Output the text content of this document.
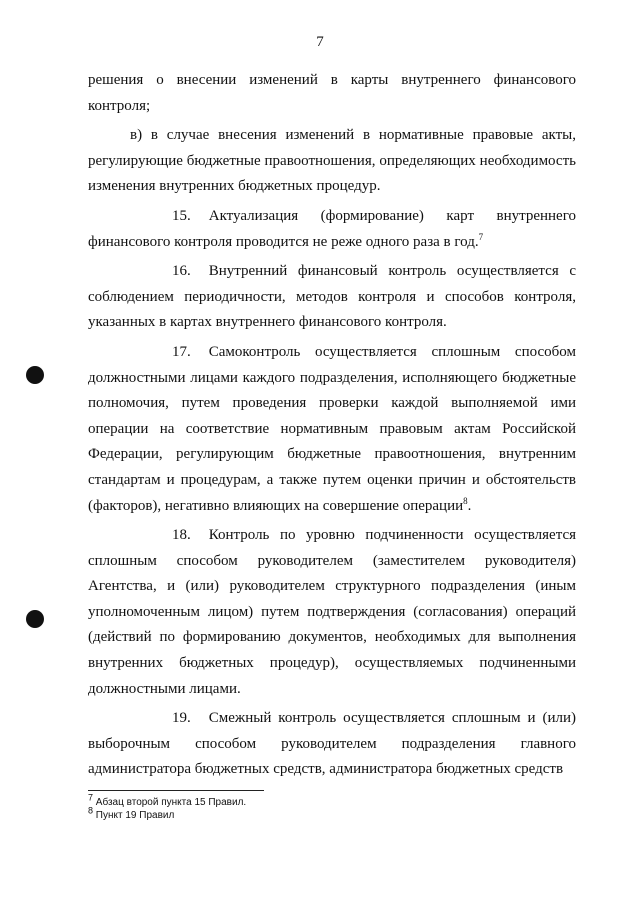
7

решения о внесении изменений в карты внутреннего финансового контроля;

в) в случае внесения изменений в нормативные правовые акты, регулирующие бюджетные правоотношения, определяющих необходимость изменения внутренних бюджетных процедур.

15. Актуализация (формирование) карт внутреннего финансового контроля проводится не реже одного раза в год.$^7$

16. Внутренний финансовый контроль осуществляется с соблюдением периодичности, методов контроля и способов контроля, указанных в картах внутреннего финансового контроля.

17. Самоконтроль осуществляется сплошным способом должностными лицами каждого подразделения, исполняющего бюджетные полномочия, путем проведения проверки каждой выполняемой ими операции на соответствие нормативным правовым актам Российской Федерации, регулирующим бюджетные правоотношения, внутренним стандартам и процедурам, а также путем оценки причин и обстоятельств (факторов), негативно влияющих на совершение операции$^8$.

18. Контроль по уровню подчиненности осуществляется сплошным способом руководителем (заместителем руководителя) Агентства, и (или) руководителем структурного подразделения (иным уполномоченным лицом) путем подтверждения (согласования) операций (действий по формированию документов, необходимых для выполнения внутренних бюджетных процедур), осуществляемых подчиненными должностными лицами.

19. Смежный контроль осуществляется сплошным и (или) выборочным способом руководителем подразделения главного администратора бюджетных средств, администратора бюджетных средств

$^7$ Абзац второй пункта 15 Правил.

$^8$ Пункт 19 Правил
